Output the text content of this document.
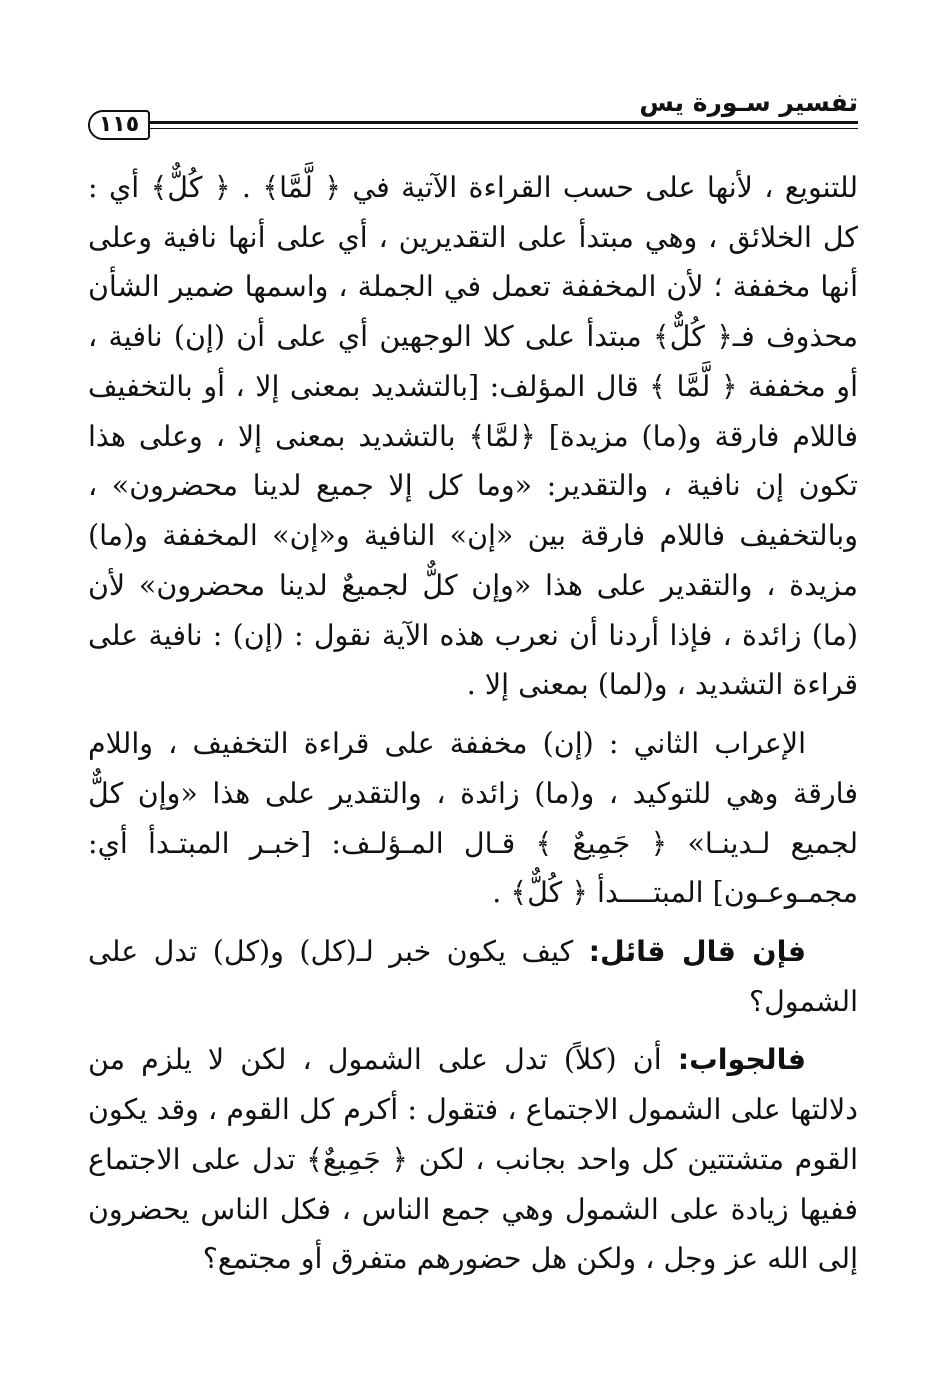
تفسير سـورة يس
١١٥

للتنويع ، لأنها على حسب القراءة الآتية في ﴿ لَّمَّا﴾ . ﴿ كُلٌّ﴾ أي : كل الخلائق ، وهي مبتدأ على التقديرين ، أي على أنها نافية وعلى أنها مخففة ؛ لأن المخففة تعمل في الجملة ، واسمها ضمير الشأن محذوف فـ﴿ كُلٌّ﴾ مبتدأ على كلا الوجهين أي على أن (إن) نافية ، أو مخففة ﴿ لَّمَّا ﴾ قال المؤلف: [بالتشديد بمعنى إلا ، أو بالتخفيف فاللام فارقة و(ما) مزيدة] ﴿لمَّا﴾ بالتشديد بمعنى إلا ، وعلى هذا تكون إن نافية ، والتقدير: «وما كل إلا جميع لدينا محضرون» ، وبالتخفيف فاللام فارقة بين «إن» النافية و«إن» المخففة و(ما) مزيدة ، والتقدير على هذا «وإن كلٌّ لجميعٌ لدينا محضرون» لأن (ما) زائدة ، فإذا أردنا أن نعرب هذه الآية نقول : (إن) : نافية على قراءة التشديد ، و(لما) بمعنى إلا .

الإعراب الثاني : (إن) مخففة على قراءة التخفيف ، واللام فارقة وهي للتوكيد ، و(ما) زائدة ، والتقدير على هذا «وإن كلٌّ لجميع لـدينـا» ﴿ جَمِيعٌ ﴾ قـال المـؤلـف: [خبـر المبتـدأ أي: مجمـوعـون] المبتــــدأ ﴿ كُلٌّ﴾ .

فإن قال قائل: كيف يكون خبر لـ(كل) و(كل) تدل على الشمول؟

فالجواب: أن (كلاً) تدل على الشمول ، لكن لا يلزم من دلالتها على الشمول الاجتماع ، فتقول : أكرم كل القوم ، وقد يكون القوم متشتتين كل واحد بجانب ، لكن ﴿ جَمِيعٌ﴾ تدل على الاجتماع ففيها زيادة على الشمول وهي جمع الناس ، فكل الناس يحضرون إلى الله عز وجل ، ولكن هل حضورهم متفرق أو مجتمع؟
